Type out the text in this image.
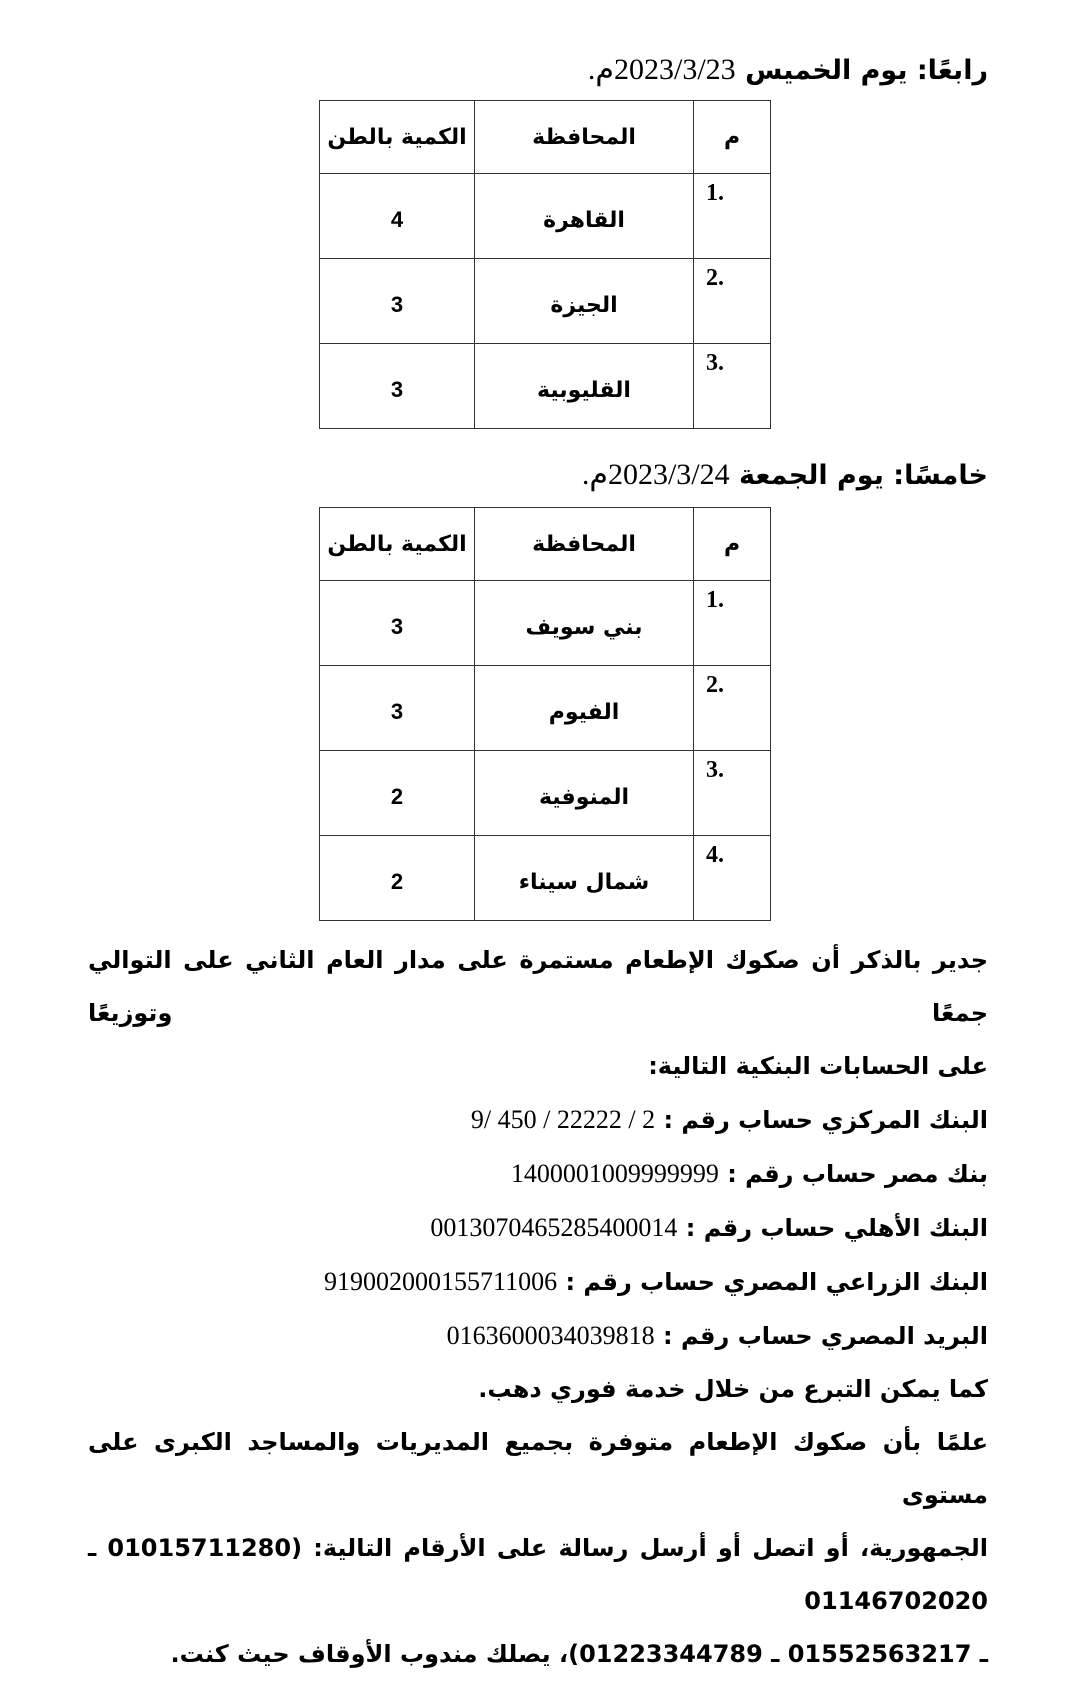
رابعًا: يوم الخميس 2023/3/23م.
الكمية بالطن	المحافظة	م
4	القاهرة	1.

3	الجيزة	2.

3	القليوبية	3.
خامسًا: يوم الجمعة 2023/3/24م.
الكمية بالطن	المحافظة	م
3	بني سويف	1.

3	الفيوم	2.

2	المنوفية	3.

2	شمال سيناء	4.
جدير بالذكر أن صكوك الإطعام مستمرة على مدار العام الثاني على التوالي جمعًا وتوزيعًا
على الحسابات البنكية التالية:
البنك المركزي حساب رقم : 2 / 22222 / 450 /9
بنك مصر حساب رقم : 1400001009999999
البنك الأهلي حساب رقم : 0013070465285400014
البنك الزراعي المصري حساب رقم : 919002000155711006
البريد المصري حساب رقم : 0163600034039818
كما يمكن التبرع من خلال خدمة فوري دهب.
علمًا بأن صكوك الإطعام متوفرة بجميع المديريات والمساجد الكبرى على مستوى
الجمهورية، أو اتصل أو أرسل رسالة على الأرقام التالية: (01015711280 ـ 01146702020
ـ 01552563217 ـ 01223344789)، يصلك مندوب الأوقاف حيث كنت.
